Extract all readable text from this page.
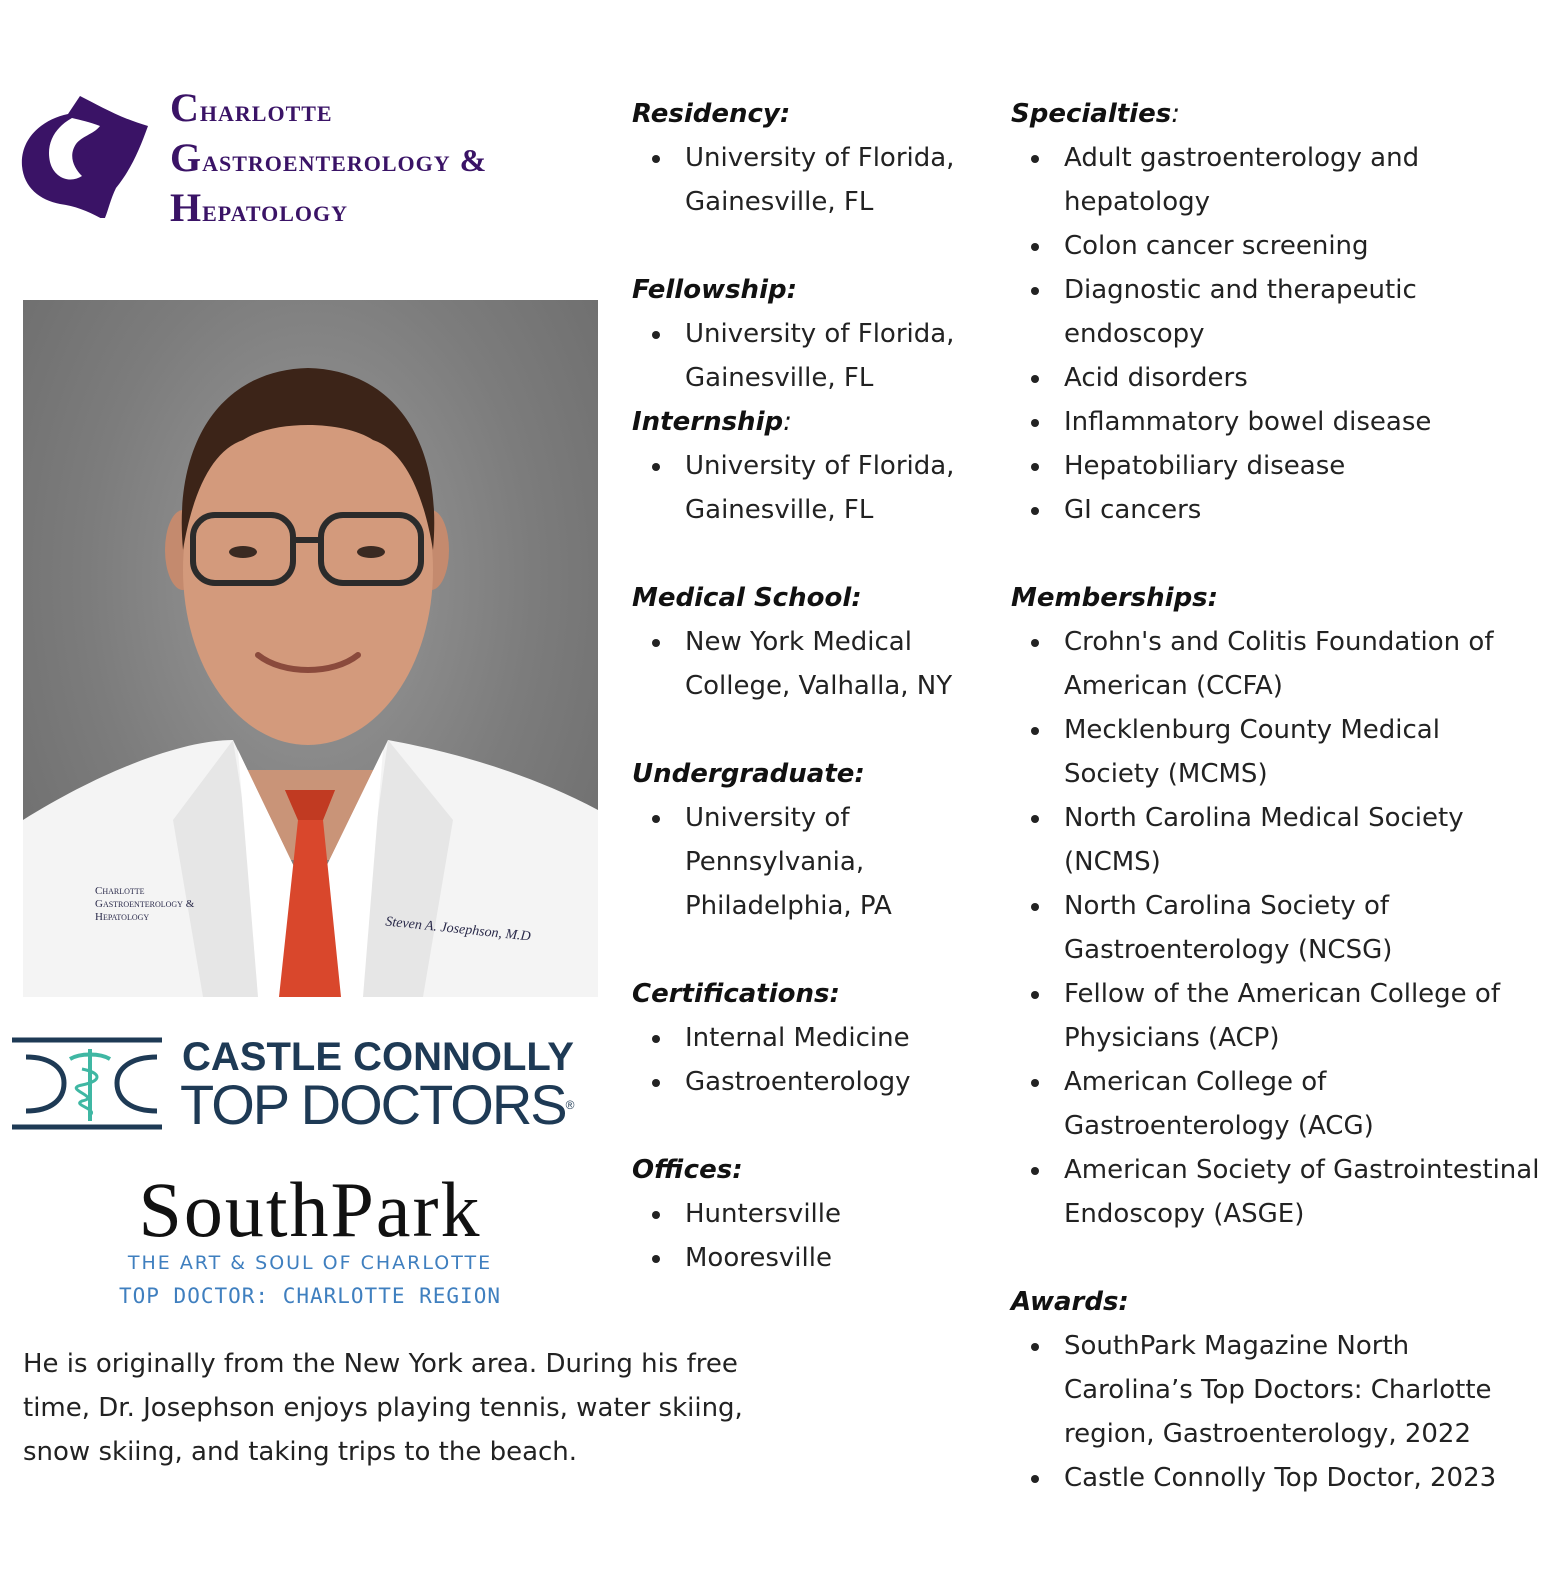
Charlotte
Gastroenterology &
Hepatology
Charlotte
Gastroenterology &
Hepatology	Steven A. Josephson, M.D
CASTLE CONNOLLY
TOP DOCTORS®
SouthPark
THE ART & SOUL OF CHARLOTTE
TOP DOCTOR: CHARLOTTE REGION
He is originally from the New York area. During his free time, Dr. Josephson enjoys playing tennis, water skiing, snow skiing, and taking trips to the beach.
Residency:
University of Florida, Gainesville, FL
Fellowship:
University of Florida, Gainesville, FL
Internship:
University of Florida, Gainesville, FL
Medical School:
New York Medical College, Valhalla, NY
Undergraduate:
University of Pennsylvania, Philadelphia, PA
Certifications:
Internal Medicine
Gastroenterology
Offices:
Huntersville
Mooresville
Specialties:
Adult gastroenterology and hepatology
Colon cancer screening
Diagnostic and therapeutic endoscopy
Acid disorders
Inflammatory bowel disease
Hepatobiliary disease
GI cancers
Memberships:
Crohn's and Colitis Foundation of American (CCFA)
Mecklenburg County Medical Society (MCMS)
North Carolina Medical Society (NCMS)
North Carolina Society of Gastroenterology (NCSG)
Fellow of the American College of Physicians (ACP)
American College of Gastroenterology (ACG)
American Society of Gastrointestinal Endoscopy (ASGE)
Awards:
SouthPark Magazine North Carolina’s Top Doctors: Charlotte region, Gastroenterology, 2022
Castle Connolly Top Doctor, 2023
